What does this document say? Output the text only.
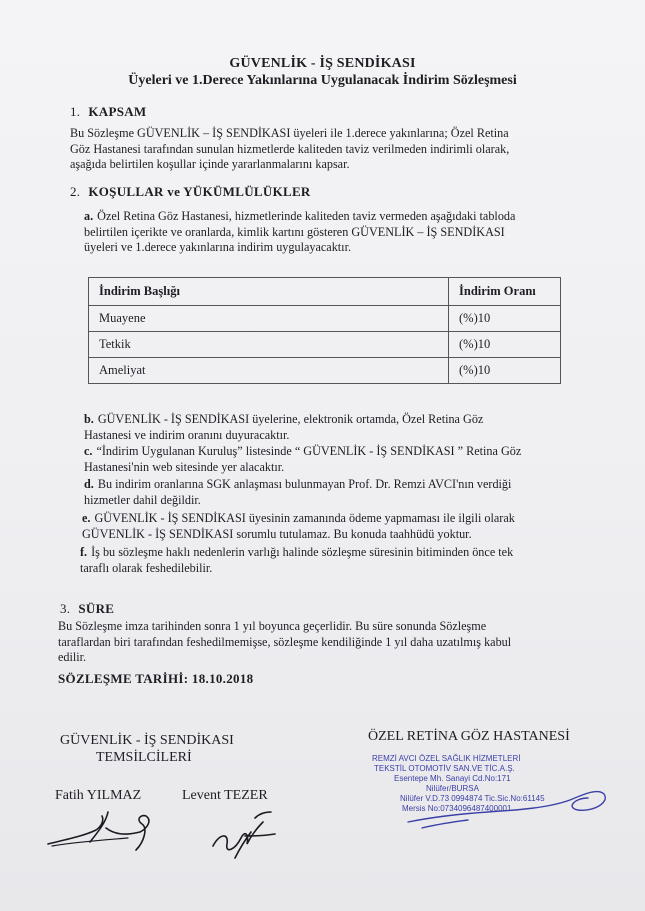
GÜVENLİK - İŞ SENDİKASI
Üyeleri ve 1.Derece Yakınlarına Uygulanacak İndirim Sözleşmesi
1. KAPSAM
Bu Sözleşme GÜVENLİK – İŞ SENDİKASI üyeleri ile 1.derece yakınlarına; Özel Retina
Göz Hastanesi tarafından sunulan hizmetlerde kaliteden taviz verilmeden indirimli olarak,
aşağıda belirtilen koşullar içinde yararlanmalarını kapsar.
2. KOŞULLAR ve YÜKÜMLÜLÜKLER
a. Özel Retina Göz Hastanesi, hizmetlerinde kaliteden taviz vermeden aşağıdaki tabloda
belirtilen içerikte ve oranlarda, kimlik kartını gösteren GÜVENLİK – İŞ SENDİKASI
üyeleri ve 1.derece yakınlarına indirim uygulayacaktır.
İndirim Başlığı	İndirim Oranı
Muayene	(%)10
Tetkik	(%)10
Ameliyat	(%)10
b. GÜVENLİK - İŞ SENDİKASI üyelerine, elektronik ortamda, Özel Retina Göz
Hastanesi ve indirim oranını duyuracaktır.
c. “İndirim Uygulanan Kuruluş” listesinde “ GÜVENLİK - İŞ SENDİKASI ” Retina Göz
Hastanesi'nin web sitesinde yer alacaktır.
d. Bu indirim oranlarına SGK anlaşması bulunmayan Prof. Dr. Remzi AVCI'nın verdiği
hizmetler dahil değildir.
e. GÜVENLİK - İŞ SENDİKASI üyesinin zamanında ödeme yapmaması ile ilgili olarak
GÜVENLİK - İŞ SENDİKASI sorumlu tutulamaz. Bu konuda taahhüdü yoktur.
f. İş bu sözleşme haklı nedenlerin varlığı halinde sözleşme süresinin bitiminden önce tek
taraflı olarak feshedilebilir.
3. SÜRE
Bu Sözleşme imza tarihinden sonra 1 yıl boyunca geçerlidir. Bu süre sonunda Sözleşme
taraflardan biri tarafından feshedilmemişse, sözleşme kendiliğinde 1 yıl daha uzatılmış kabul
edilir.
SÖZLEŞME TARİHİ: 18.10.2018
GÜVENLİK - İŞ SENDİKASI
TEMSİLCİLERİ
Fatih YILMAZ	Levent TEZER
ÖZEL RETİNA GÖZ HASTANESİ
REMZİ AVCI ÖZEL SAĞLIK HİZMETLERİ
TEKSTİL OTOMOTİV SAN.VE TİC.A.Ş.
Esentepe Mh. Sanayi Cd.No:171
Nilüfer/BURSA
Nilüfer V.D.73 0994874 Tic.Sic.No:61145
Mersis No:0734096487400001
